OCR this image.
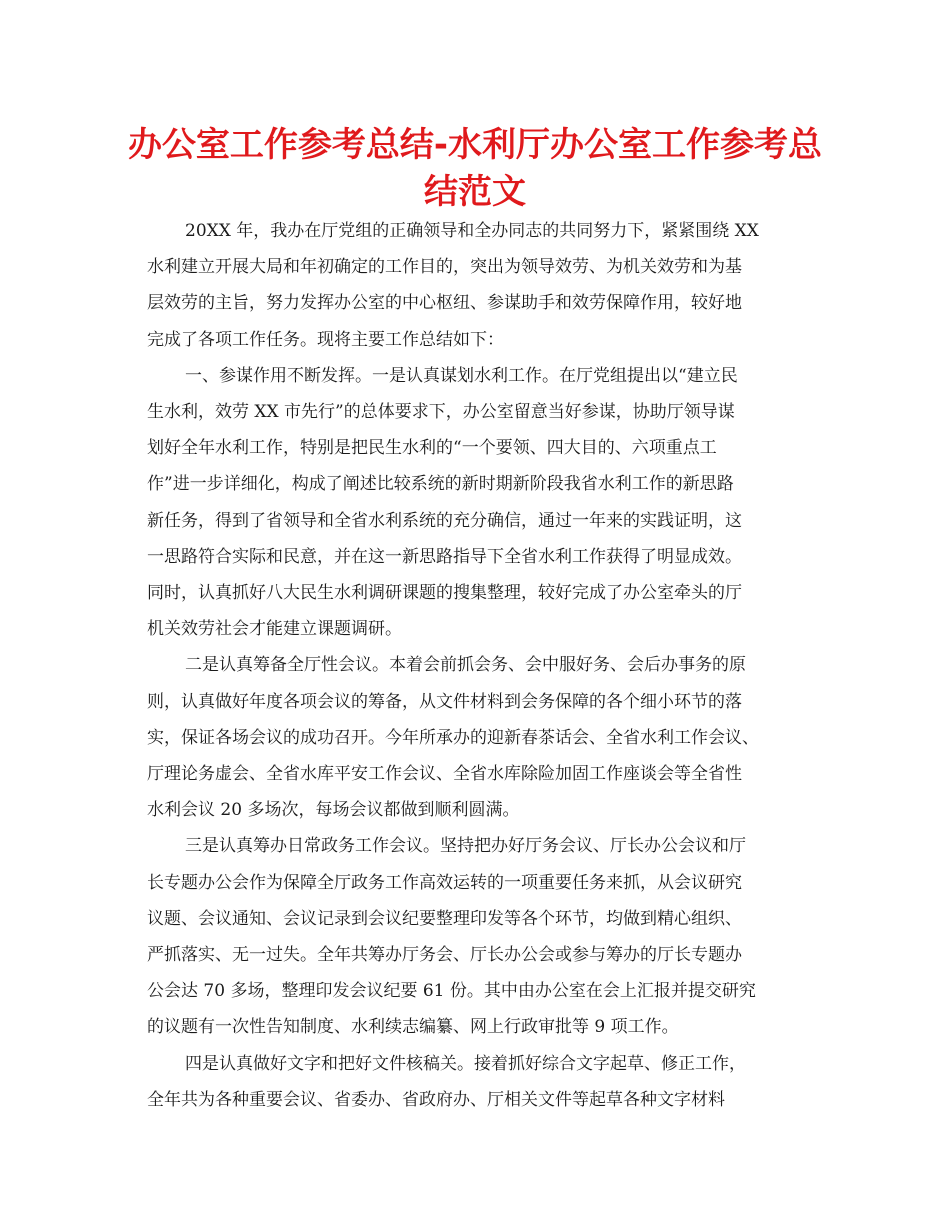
办公室工作参考总结-水利厅办公室工作参考总
结范文
20XX 年，我办在厅党组的正确领导和全办同志的共同努力下，紧紧围绕 XX
水利建立开展大局和年初确定的工作目的，突出为领导效劳、为机关效劳和为基
层效劳的主旨，努力发挥办公室的中心枢纽、参谋助手和效劳保障作用，较好地
完成了各项工作任务。现将主要工作总结如下：
一、参谋作用不断发挥。一是认真谋划水利工作。在厅党组提出以“建立民
生水利，效劳 XX 市先行”的总体要求下，办公室留意当好参谋，协助厅领导谋
划好全年水利工作，特别是把民生水利的“一个要领、四大目的、六项重点工
作”进一步详细化，构成了阐述比较系统的新时期新阶段我省水利工作的新思路
新任务，得到了省领导和全省水利系统的充分确信，通过一年来的实践证明，这
一思路符合实际和民意，并在这一新思路指导下全省水利工作获得了明显成效。
同时，认真抓好八大民生水利调研课题的搜集整理，较好完成了办公室牵头的厅
机关效劳社会才能建立课题调研。
二是认真筹备全厅性会议。本着会前抓会务、会中服好务、会后办事务的原
则，认真做好年度各项会议的筹备，从文件材料到会务保障的各个细小环节的落
实，保证各场会议的成功召开。今年所承办的迎新春茶话会、全省水利工作会议、
厅理论务虚会、全省水库平安工作会议、全省水库除险加固工作座谈会等全省性
水利会议 20 多场次，每场会议都做到顺利圆满。
三是认真筹办日常政务工作会议。坚持把办好厅务会议、厅长办公会议和厅
长专题办公会作为保障全厅政务工作高效运转的一项重要任务来抓，从会议研究
议题、会议通知、会议记录到会议纪要整理印发等各个环节，均做到精心组织、
严抓落实、无一过失。全年共筹办厅务会、厅长办公会或参与筹办的厅长专题办
公会达 70 多场，整理印发会议纪要 61 份。其中由办公室在会上汇报并提交研究
的议题有一次性告知制度、水利续志编纂、网上行政审批等 9 项工作。
四是认真做好文字和把好文件核稿关。接着抓好综合文字起草、修正工作，
全年共为各种重要会议、省委办、省政府办、厅相关文件等起草各种文字材料
